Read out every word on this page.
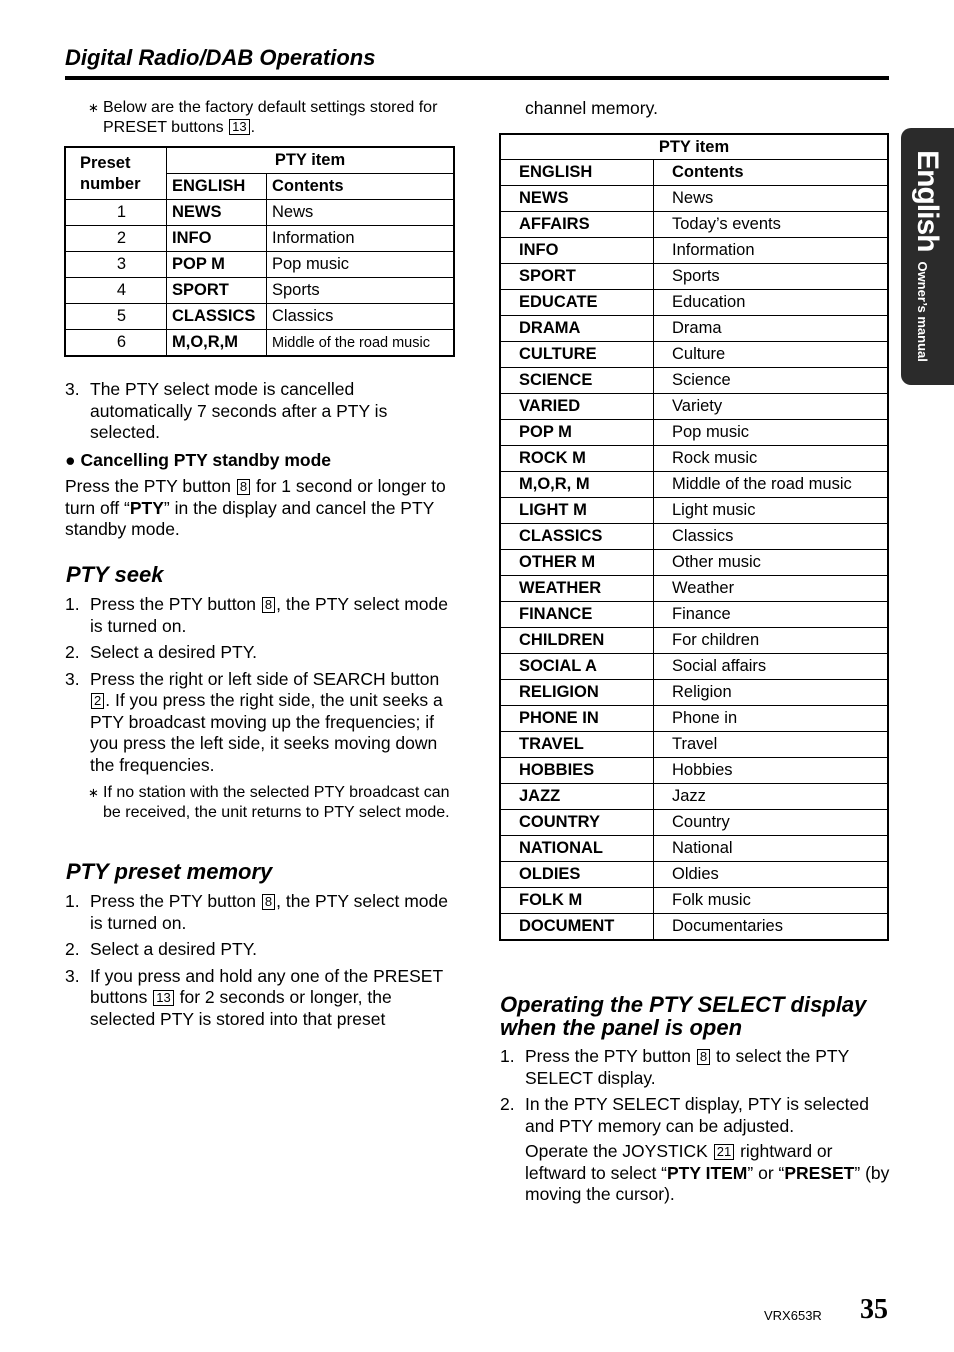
Digital Radio/DAB Operations
EnglishOwner’s manual
∗ Below are the factory default settings stored for PRESET buttons 13 .
Preset number	PTY item	
	ENGLISH	Contents
1	NEWS	News
2	INFO	Information
3	POP M	Pop music
4	SPORT	Sports
5	CLASSICS	Classics
6	M,O,R,M	Middle of the road music
3. The PTY select mode is cancelled automatically 7 seconds after a PTY is selected.
● Cancelling PTY standby mode
Press the PTY button 8 for 1 second or longer to turn off “PTY” in the display and cancel the PTY standby mode.
PTY seek
1. Press the PTY button 8 , the PTY select mode is turned on.
2. Select a desired PTY.
3. Press the right or left side of SEARCH button 2 . If you press the right side, the unit seeks a PTY broadcast moving up the frequencies; if you press the left side, it seeks moving down the frequencies.
∗ If no station with the selected PTY broadcast can be received, the unit returns to PTY select mode.
PTY preset memory
1. Press the PTY button 8 , the PTY select mode is turned on.
2. Select a desired PTY.
3. If you press and hold any one of the PRESET buttons 13 for 2 seconds or longer, the selected PTY is stored into that preset
channel memory.
PTY item	
ENGLISH	Contents
NEWS	News
AFFAIRS	Today’s events
INFO	Information
SPORT	Sports
EDUCATE	Education
DRAMA	Drama
CULTURE	Culture
SCIENCE	Science
VARIED	Variety
POP M	Pop music
ROCK M	Rock music
M,O,R, M	Middle of the road music
LIGHT M	Light music
CLASSICS	Classics
OTHER M	Other music
WEATHER	Weather
FINANCE	Finance
CHILDREN	For children
SOCIAL A	Social affairs
RELIGION	Religion
PHONE IN	Phone in
TRAVEL	Travel
HOBBIES	Hobbies
JAZZ	Jazz
COUNTRY	Country
NATIONAL	National
OLDIES	Oldies
FOLK M	Folk music
DOCUMENT	Documentaries
Operating the PTY SELECT display
when the panel is open
1. Press the PTY button 8 to select the PTY SELECT display.
2. In the PTY SELECT display, PTY is selected and PTY memory can be adjusted.
Operate the JOYSTICK 21 rightward or leftward to select “PTY ITEM” or “PRESET” (by moving the cursor).
VRX653R 35
